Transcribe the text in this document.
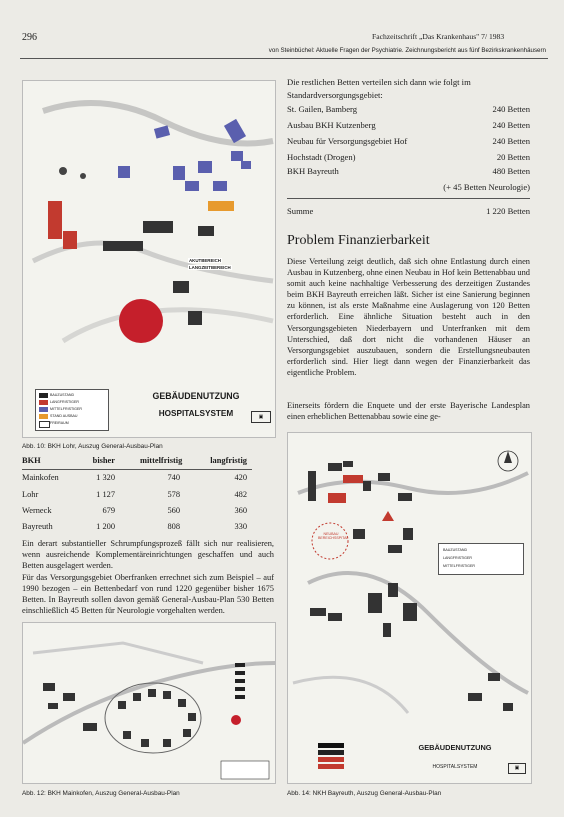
296	Fachzeitschrift „Das Krankenhaus" 7/ 1983
von Steinbüchel: Aktuelle Fragen der Psychiatrie. Zeichnungsbericht aus fünf Bezirkskrankenhäusern
AKUTBEREICH
LANGZEITBEREICH
BAUZUSTAND
LANGFRISTIGER
MITTELFRISTIGER
STAND AUSBAU
FREIRAUM
GEBÄUDENUTZUNG
HOSPITALSYSTEM	▣
Abb. 10: BKH Lohr, Auszug General-Ausbau-Plan
Die restlichen Betten verteilen sich dann wie folgt im Standardversorgungsgebiet:
St. Gailen, Bamberg	240 Betten
Ausbau BKH Kutzenberg	240 Betten
Neubau für Versorgungsgebiet Hof	240 Betten
Hochstadt (Drogen)	20 Betten
BKH Bayreuth	480 Betten
(+ 45 Betten Neurologie)
Summe	1 220 Betten
Problem Finanzierbarkeit
Diese Verteilung zeigt deutlich, daß sich ohne Entlastung durch einen Ausbau in Kutzenberg, ohne einen Neubau in Hof kein Bettenabbau und somit auch keine nachhaltige Verbesserung des derzeitigen Zustandes beim BKH Bayreuth erreichen läßt. Sicher ist eine Sanierung beginnen zu können, ist als erste Maßnahme eine Auslagerung von 120 Betten erforderlich. Eine ähnliche Situation besteht auch in den Versorgungsgebieten Niederbayern und Unterfranken mit dem Unterschied, daß dort nicht die vorhandenen Häuser an Versorgungsgebiet auszubauen, sondern die Erstellungsneubauten erforderlich sind. Hier liegt dann wegen der Finanzierbarkeit das eigentliche Problem.
Einerseits fördern die Enquete und der erste Bayerische Landesplan einen erheblichen Bettenabbau sowie eine ge-
BKH	bisher	mittelfristig	langfristig
Mainkofen	1 320	740	420
Lohr	1 127	578	482
Werneck	679	560	360
Bayreuth	1 200	808	330
Ein derart substantieller Schrumpfungsprozeß fällt sich nur realisieren, wenn ausreichende Komplementäreinrichtungen geschaffen und auch Betten ausgelagert werden.
Für das Versorgungsgebiet Oberfranken errechnet sich zum Beispiel – auf 1990 bezogen – ein Bettenbedarf von rund 1220 gegenüber bisher 1675 Betten. In Bayreuth sollen davon gemäß General-Ausbau-Plan 530 Betten einschließlich 45 Betten für Neurologie vorgehalten werden.
Abb. 12: BKH Mainkofen, Auszug General-Ausbau-Plan
NEUBAU BEREICHSSPITAL
BAUZUSTAND
LANGFRISTIGER
MITTELFRISTIGER
GEBÄUDENUTZUNG
HOSPITALSYSTEM	▣
Abb. 14: NKH Bayreuth, Auszug General-Ausbau-Plan
